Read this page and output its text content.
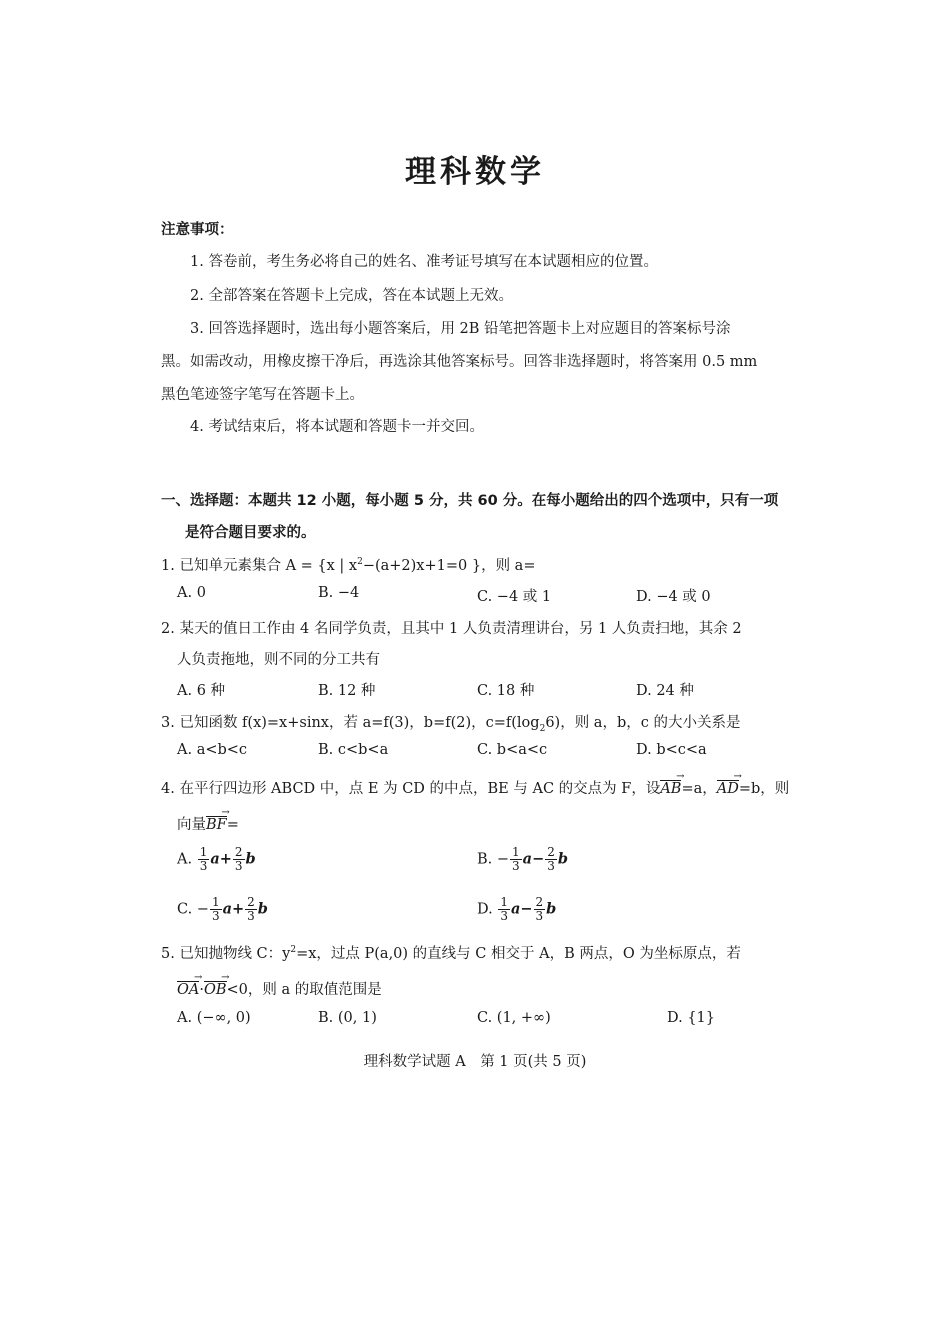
理科数学
注意事项：
1. 答卷前，考生务必将自己的姓名、准考证号填写在本试题相应的位置。
2. 全部答案在答题卡上完成，答在本试题上无效。
3. 回答选择题时，选出每小题答案后，用 2B 铅笔把答题卡上对应题目的答案标号涂
黑。如需改动，用橡皮擦干净后，再选涂其他答案标号。回答非选择题时，将答案用 0.5 mm
黑色笔迹签字笔写在答题卡上。
4. 考试结束后，将本试题和答题卡一并交回。
一、选择题：本题共 12 小题，每小题 5 分，共 60 分。在每小题给出的四个选项中，只有一项
是符合题目要求的。
1. 已知单元素集合 A = {x | $x^2-(a+2)x+1=0$ }，则 a=
A. 0	B. −4	C. −4 或 1	D. −4 或 0
2. 某天的值日工作由 4 名同学负责，且其中 1 人负责清理讲台，另 1 人负责扫地，其余 2
人负责拖地，则不同的分工共有
A. 6 种	B. 12 种	C. 18 种	D. 24 种
3. 已知函数 f(x)=x+sinx，若 a=f(3)，b=f(2)，$c=f(\log_26)$，则 a，b，c 的大小关系是
A. a<b<c	B. c<b<a	C. b<a<c	D. b<c<a
4. 在平行四边形 ABCD 中，点 E 为 CD 的中点，BE 与 AC 的交点为 F，设AB →=a，AD →=b，则
向量BF →=
A. $\frac{1}{3} a+ \frac{2}{3}$ b	B. − $\frac{1}{3} a- \frac{2}{3}$ b
C. − $\frac{1}{3} a+ \frac{2}{3}$ b	D. $\frac{1}{3} a- \frac{2}{3}$ b
5. 已知抛物线 C：$y^2=x$，过点 P(a,0) 的直线与 C 相交于 A，B 两点，O 为坐标原点，若
OA →·OB →<0，则 a 的取值范围是
A. (−∞, 0)	B. (0, 1)	C. (1, +∞)	D. {1}
理科数学试题 A　第 1 页(共 5 页)
